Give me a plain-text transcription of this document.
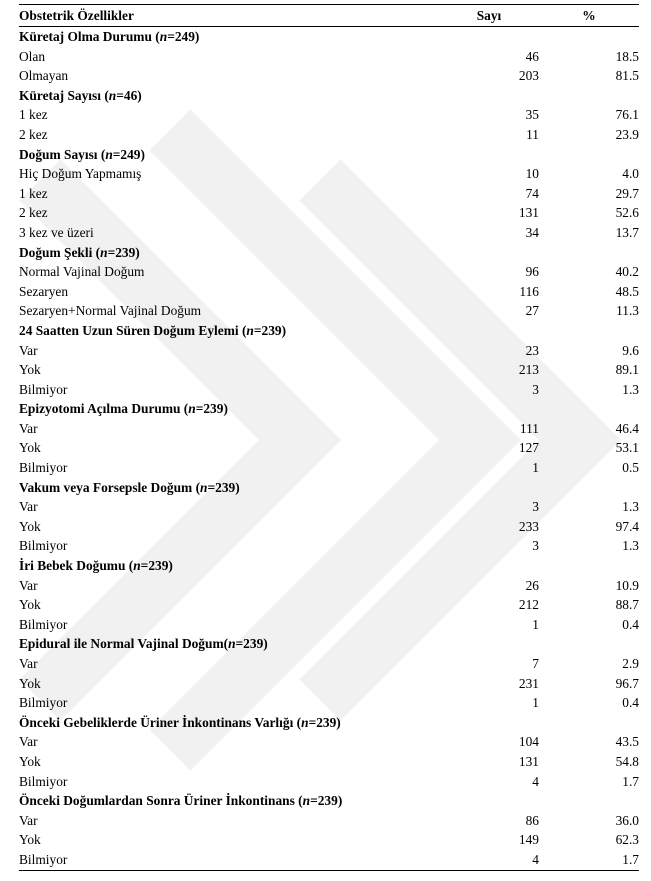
Obstetrik Özellikler	Sayı	%
Küretaj Olma Durumu (n=249)		
Olan	46	18.5
Olmayan	203	81.5
Küretaj Sayısı (n=46)		
1 kez	35	76.1
2 kez	11	23.9
Doğum Sayısı (n=249)		
Hiç Doğum Yapmamış	10	4.0
1 kez	74	29.7
2 kez	131	52.6
3 kez ve üzeri	34	13.7
Doğum Şekli (n=239)		
Normal Vajinal Doğum	96	40.2
Sezaryen	116	48.5
Sezaryen+Normal Vajinal Doğum	27	11.3
24 Saatten Uzun Süren Doğum Eylemi (n=239)		
Var	23	9.6
Yok	213	89.1
Bilmiyor	3	1.3
Epizyotomi Açılma Durumu (n=239)		
Var	111	46.4
Yok	127	53.1
Bilmiyor	1	0.5
Vakum veya Forsepsle Doğum (n=239)		
Var	3	1.3
Yok	233	97.4
Bilmiyor	3	1.3
İri Bebek Doğumu (n=239)		
Var	26	10.9
Yok	212	88.7
Bilmiyor	1	0.4
Epidural ile Normal Vajinal Doğum(n=239)		
Var	7	2.9
Yok	231	96.7
Bilmiyor	1	0.4
Önceki Gebeliklerde Üriner İnkontinans Varlığı (n=239)		
Var	104	43.5
Yok	131	54.8
Bilmiyor	4	1.7
Önceki Doğumlardan Sonra Üriner İnkontinans (n=239)		
Var	86	36.0
Yok	149	62.3
Bilmiyor	4	1.7
